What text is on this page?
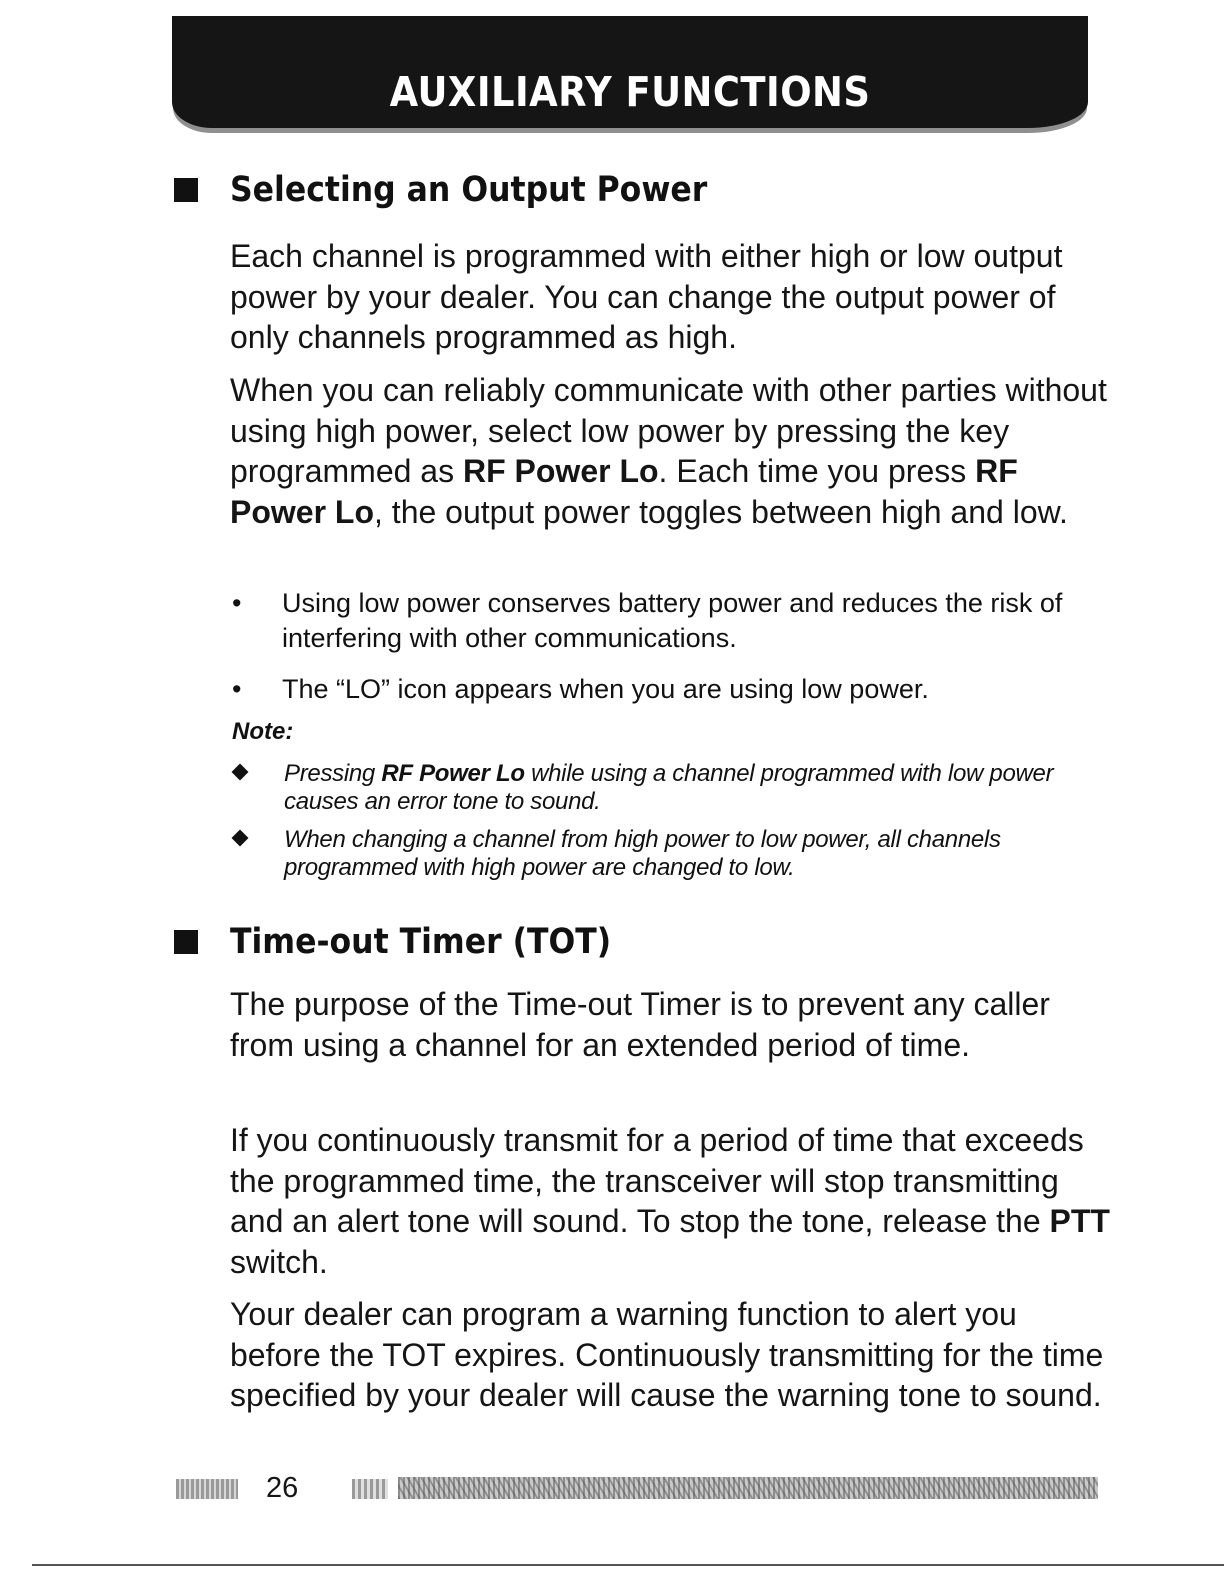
AUXILIARY FUNCTIONS
Selecting an Output Power

Each channel is programmed with either high or low output power by your dealer. You can change the output power of only channels programmed as high.

When you can reliably communicate with other parties without using high power, select low power by pressing the key programmed as RF Power Lo. Each time you press RF Power Lo, the output power toggles between high and low.

• Using low power conserves battery power and reduces the risk of interfering with other communications.
• The “LO” icon appears when you are using low power.
Note:
Pressing RF Power Lo while using a channel programmed with low power causes an error tone to sound.
When changing a channel from high power to low power, all channels programmed with high power are changed to low.
Time-out Timer (TOT)

The purpose of the Time-out Timer is to prevent any caller from using a channel for an extended period of time.

If you continuously transmit for a period of time that exceeds the programmed time, the transceiver will stop transmitting and an alert tone will sound. To stop the tone, release the PTT switch.

Your dealer can program a warning function to alert you before the TOT expires. Continuously transmitting for the time specified by your dealer will cause the warning tone to sound.

26
